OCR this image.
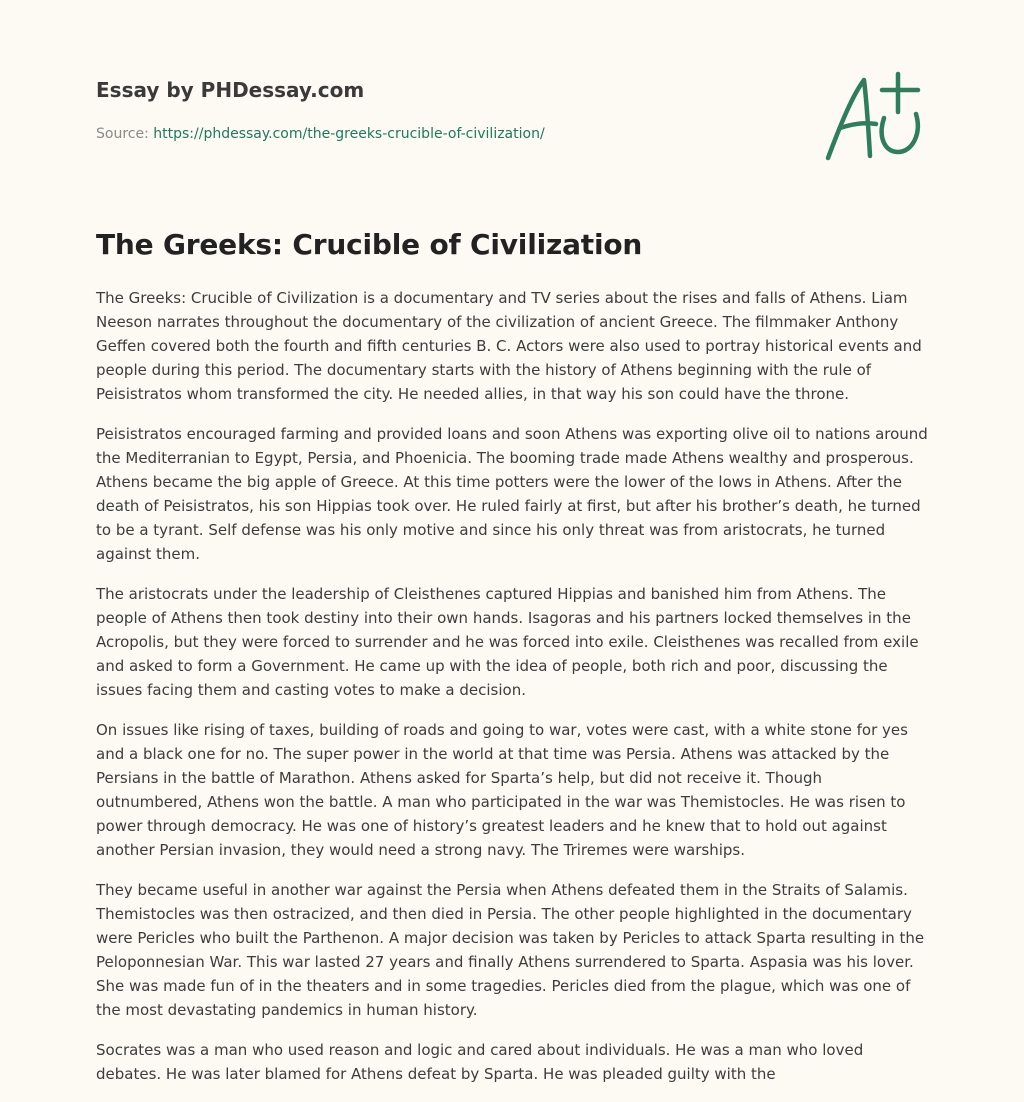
Essay by PHDessay.com
Source: https://phdessay.com/the-greeks-crucible-of-civilization/
The Greeks: Crucible of Civilization

The Greeks: Crucible of Civilization is a documentary and TV series about the rises and falls of Athens. Liam Neeson narrates throughout the documentary of the civilization of ancient Greece. The filmmaker Anthony Geffen covered both the fourth and fifth centuries B. C. Actors were also used to portray historical events and people during this period. The documentary starts with the history of Athens beginning with the rule of Peisistratos whom transformed the city. He needed allies, in that way his son could have the throne.

Peisistratos encouraged farming and provided loans and soon Athens was exporting olive oil to nations around the Mediterranian to Egypt, Persia, and Phoenicia. The booming trade made Athens wealthy and prosperous. Athens became the big apple of Greece. At this time potters were the lower of the lows in Athens. After the death of Peisistratos, his son Hippias took over. He ruled fairly at first, but after his brother’s death, he turned to be a tyrant. Self defense was his only motive and since his only threat was from aristocrats, he turned against them.

The aristocrats under the leadership of Cleisthenes captured Hippias and banished him from Athens. The people of Athens then took destiny into their own hands. Isagoras and his partners locked themselves in the Acropolis, but they were forced to surrender and he was forced into exile. Cleisthenes was recalled from exile and asked to form a Government. He came up with the idea of people, both rich and poor, discussing the issues facing them and casting votes to make a decision.

On issues like rising of taxes, building of roads and going to war, votes were cast, with a white stone for yes and a black one for no. The super power in the world at that time was Persia. Athens was attacked by the Persians in the battle of Marathon. Athens asked for Sparta’s help, but did not receive it. Though outnumbered, Athens won the battle. A man who participated in the war was Themistocles. He was risen to power through democracy. He was one of history’s greatest leaders and he knew that to hold out against another Persian invasion, they would need a strong navy. The Triremes were warships.

They became useful in another war against the Persia when Athens defeated them in the Straits of Salamis. Themistocles was then ostracized, and then died in Persia. The other people highlighted in the documentary were Pericles who built the Parthenon. A major decision was taken by Pericles to attack Sparta resulting in the Peloponnesian War. This war lasted 27 years and finally Athens surrendered to Sparta. Aspasia was his lover. She was made fun of in the theaters and in some tragedies. Pericles died from the plague, which was one of the most devastating pandemics in human history.

Socrates was a man who used reason and logic and cared about individuals. He was a man who loved debates. He was later blamed for Athens defeat by Sparta. He was pleaded guilty with the
